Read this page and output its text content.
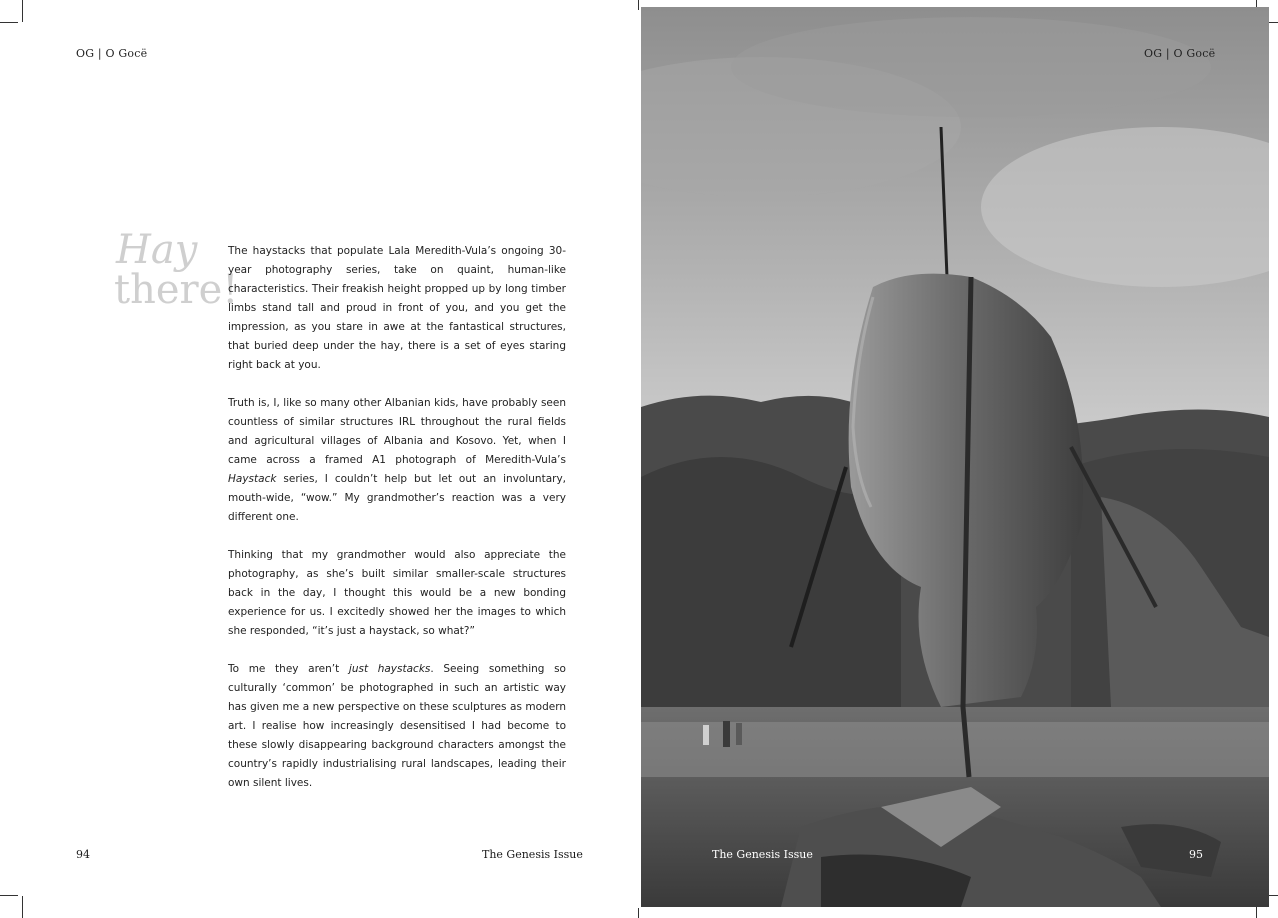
OG | O Gocë
Hay
there!

The haystacks that populate Lala Meredith-Vula’s ongoing 30-year photography series, take on quaint, human-like characteristics. Their freakish height propped up by long timber limbs stand tall and proud in front of you, and you get the impression, as you stare in awe at the fantastical structures, that buried deep under the hay, there is a set of eyes staring right back at you.

Truth is, I, like so many other Albanian kids, have probably seen countless of similar structures IRL throughout the rural fields and agricultural villages of Albania and Kosovo. Yet, when I came across a framed A1 photograph of Meredith-Vula’s Haystack series, I couldn’t help but let out an involuntary, mouth-wide, “wow.” My grandmother’s reaction was a very different one.

Thinking that my grandmother would also appreciate the photography, as she’s built similar smaller-scale structures back in the day, I thought this would be a new bonding experience for us. I excitedly showed her the images to which she responded, “it’s just a haystack, so what?”

To me they aren’t just haystacks. Seeing something so culturally ‘common’ be photographed in such an artistic way has given me a new perspective on these sculptures as modern art. I realise how increasingly desensitised I had become to these slowly disappearing background characters amongst the country’s rapidly industrialising rural landscapes, leading their own silent lives.

94	The Genesis Issue
OG | O Gocë
The Genesis Issue	95
